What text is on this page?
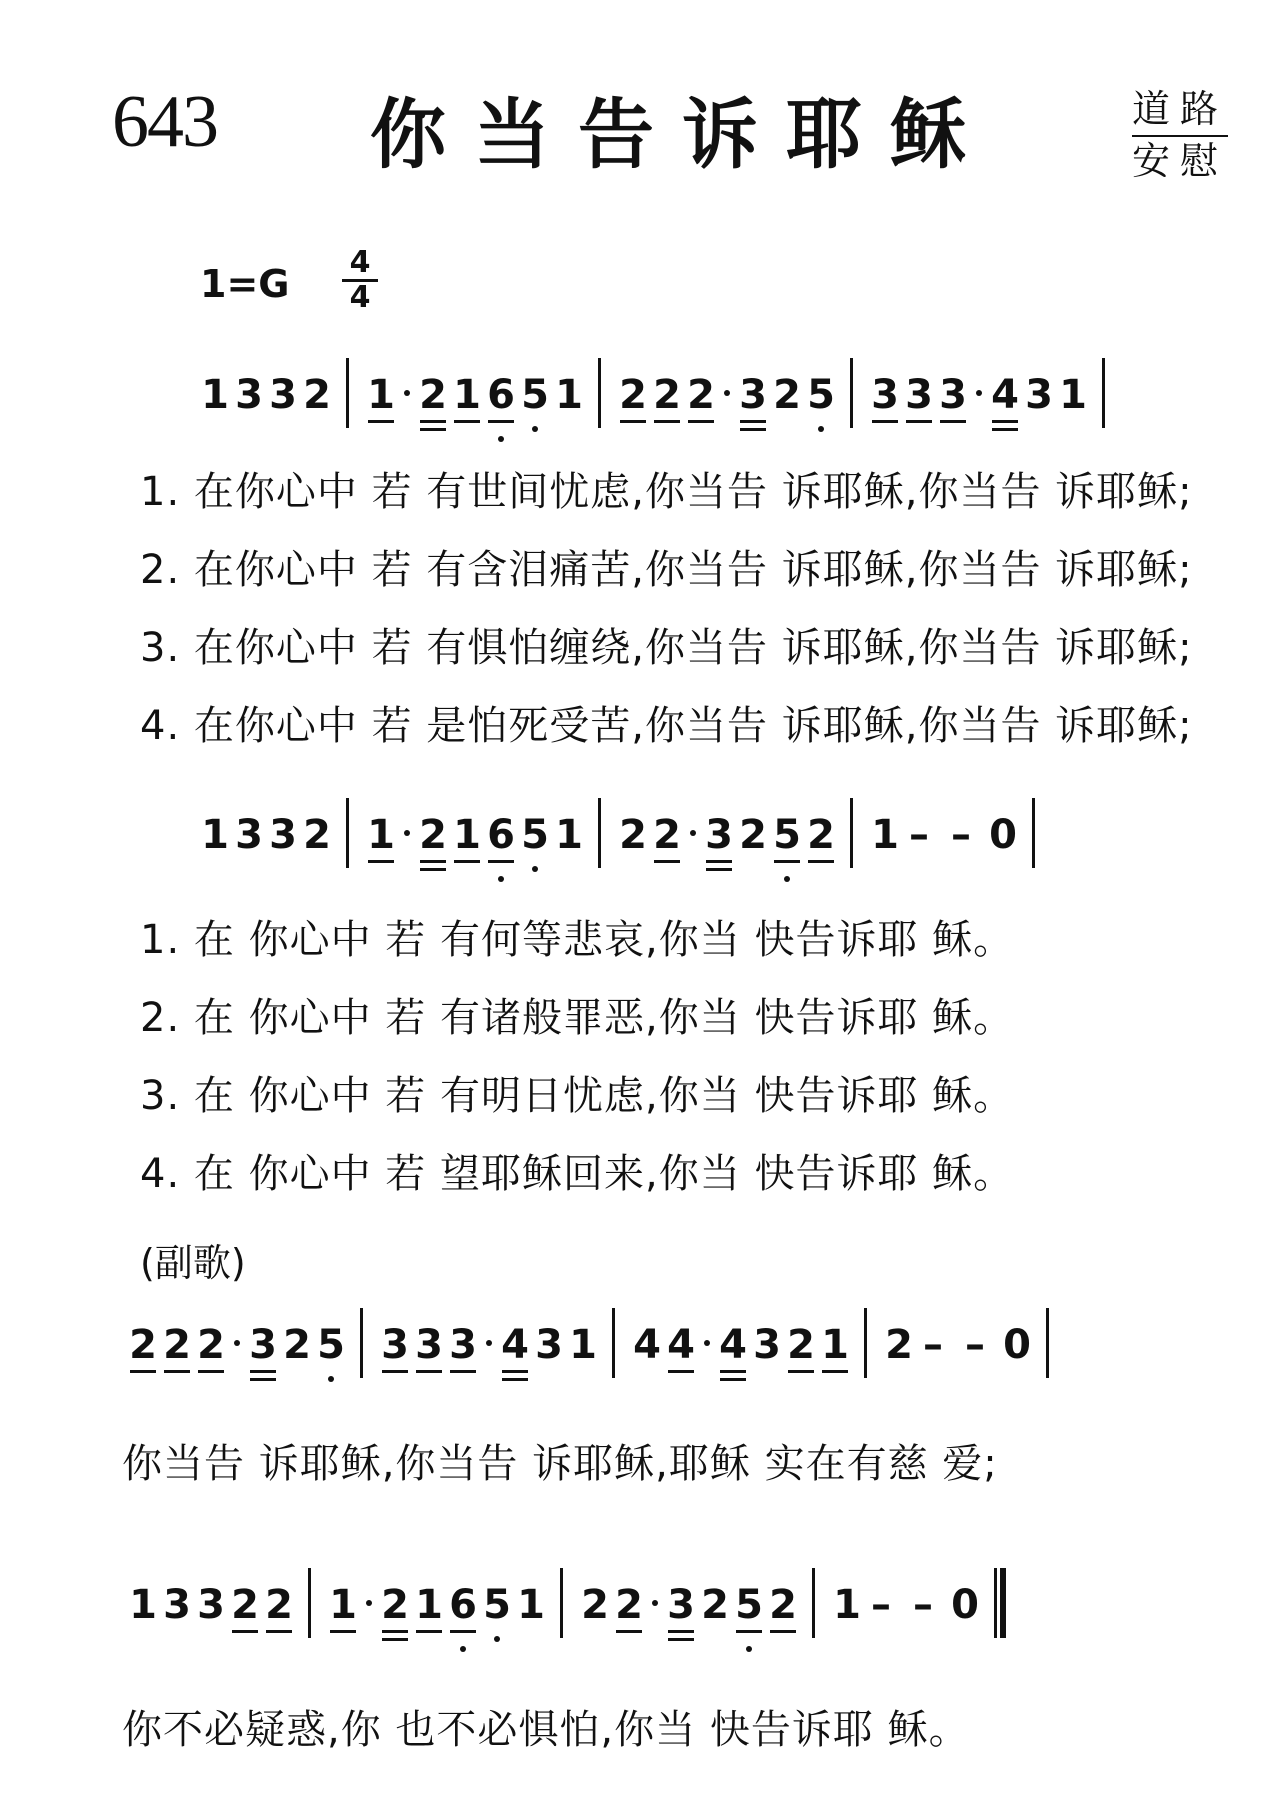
643 你当告诉耶稣	道路
安慰
1=G 4
4
1 3 3 2 1 2 1 6 5 1 2 2 2 3 2 5 3 3 3 4 3 1
1. 在你心中 若 有世间忧虑,你当告 诉耶稣,你当告 诉耶稣;
2. 在你心中 若 有含泪痛苦,你当告 诉耶稣,你当告 诉耶稣;
3. 在你心中 若 有惧怕缠绕,你当告 诉耶稣,你当告 诉耶稣;
4. 在你心中 若 是怕死受苦,你当告 诉耶稣,你当告 诉耶稣;
1 3 3 2 1 2 1 6 5 1 2 2 3 2 5 2 1 – – 0
1. 在 你心中 若 有何等悲哀,你当 快告诉耶 稣。
2. 在 你心中 若 有诸般罪恶,你当 快告诉耶 稣。
3. 在 你心中 若 有明日忧虑,你当 快告诉耶 稣。
4. 在 你心中 若 望耶稣回来,你当 快告诉耶 稣。
(副歌)
2 2 2 3 2 5 3 3 3 4 3 1 4 4 4 3 2 1 2 – – 0
你当告 诉耶稣,你当告 诉耶稣,耶稣 实在有慈 爱;
1 3 3 2 2 1 2 1 6 5 1 2 2 3 2 5 2 1 – – 0
你不必疑惑,你 也不必惧怕,你当 快告诉耶 稣。
